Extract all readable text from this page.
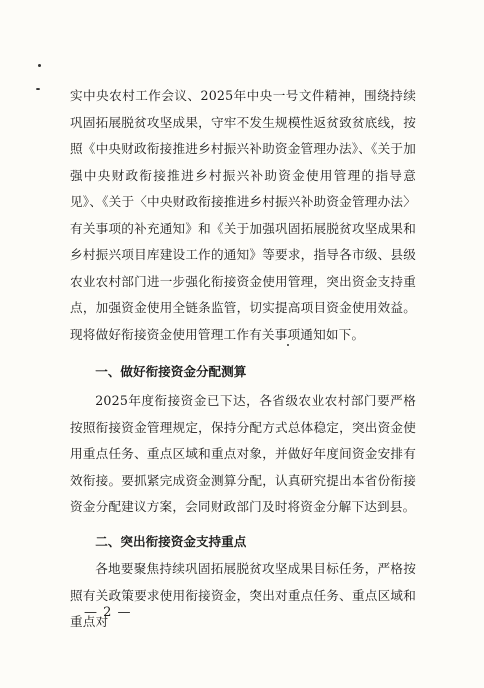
实中央农村工作会议、2025年中央一号文件精神，围绕持续巩固拓展脱贫攻坚成果，守牢不发生规模性返贫致贫底线，按照《中央财政衔接推进乡村振兴补助资金管理办法》、《关于加强中央财政衔接推进乡村振兴补助资金使用管理的指导意见》、《关于〈中央财政衔接推进乡村振兴补助资金管理办法〉有关事项的补充通知》和《关于加强巩固拓展脱贫攻坚成果和乡村振兴项目库建设工作的通知》等要求，指导各市级、县级农业农村部门进一步强化衔接资金使用管理，突出资金支持重点，加强资金使用全链条监管，切实提高项目资金使用效益。现将做好衔接资金使用管理工作有关事项通知如下。

一、做好衔接资金分配测算

2025年度衔接资金已下达，各省级农业农村部门要严格按照衔接资金管理规定，保持分配方式总体稳定，突出资金使用重点任务、重点区域和重点对象，并做好年度间资金安排有效衔接。要抓紧完成资金测算分配，认真研究提出本省份衔接资金分配建议方案，会同财政部门及时将资金分解下达到县。

二、突出衔接资金支持重点

各地要聚焦持续巩固拓展脱贫攻坚成果目标任务，严格按照有关政策要求使用衔接资金，突出对重点任务、重点区域和重点对

— 2 —
